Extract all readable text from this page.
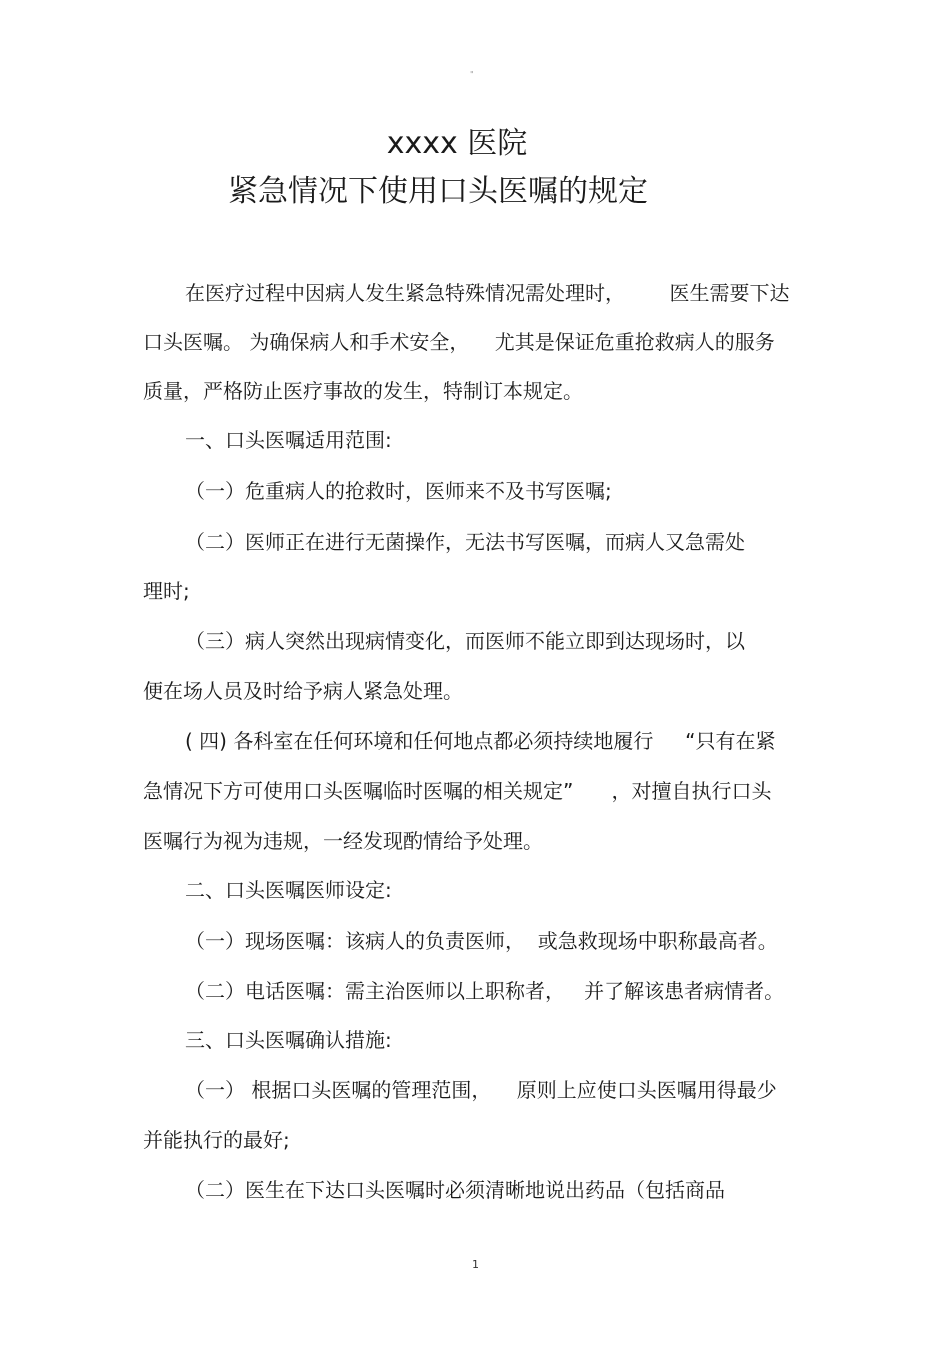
"
xxxx 医院
紧急情况下使用口头医嘱的规定
在医疗过程中因病人发生紧急特殊情况需处理时，       医生需要下达
口头医嘱。 为确保病人和手术安全，    尤其是保证危重抢救病人的服务
质量，严格防止医疗事故的发生，特制订本规定。
一、口头医嘱适用范围:
（一）危重病人的抢救时，医师来不及书写医嘱;
（二）医师正在进行无菌操作，无法书写医嘱，而病人又急需处
理时;
（三）病人突然出现病情变化，而医师不能立即到达现场时，以
便在场人员及时给予病人紧急处理。
( 四) 各科室在任何环境和任何地点都必须持续地履行     “只有在紧
急情况下方可使用口头医嘱临时医嘱的相关规定”      ，对擅自执行口头
医嘱行为视为违规，一经发现酌情给予处理。
二、口头医嘱医师设定:
（一）现场医嘱：该病人的负责医师，  或急救现场中职称最高者。
（二）电话医嘱：需主治医师以上职称者，   并了解该患者病情者。
三、口头医嘱确认措施:
（一） 根据口头医嘱的管理范围，    原则上应使口头医嘱用得最少
并能执行的最好;
（二）医生在下达口头医嘱时必须清晰地说出药品（包括商品
1
